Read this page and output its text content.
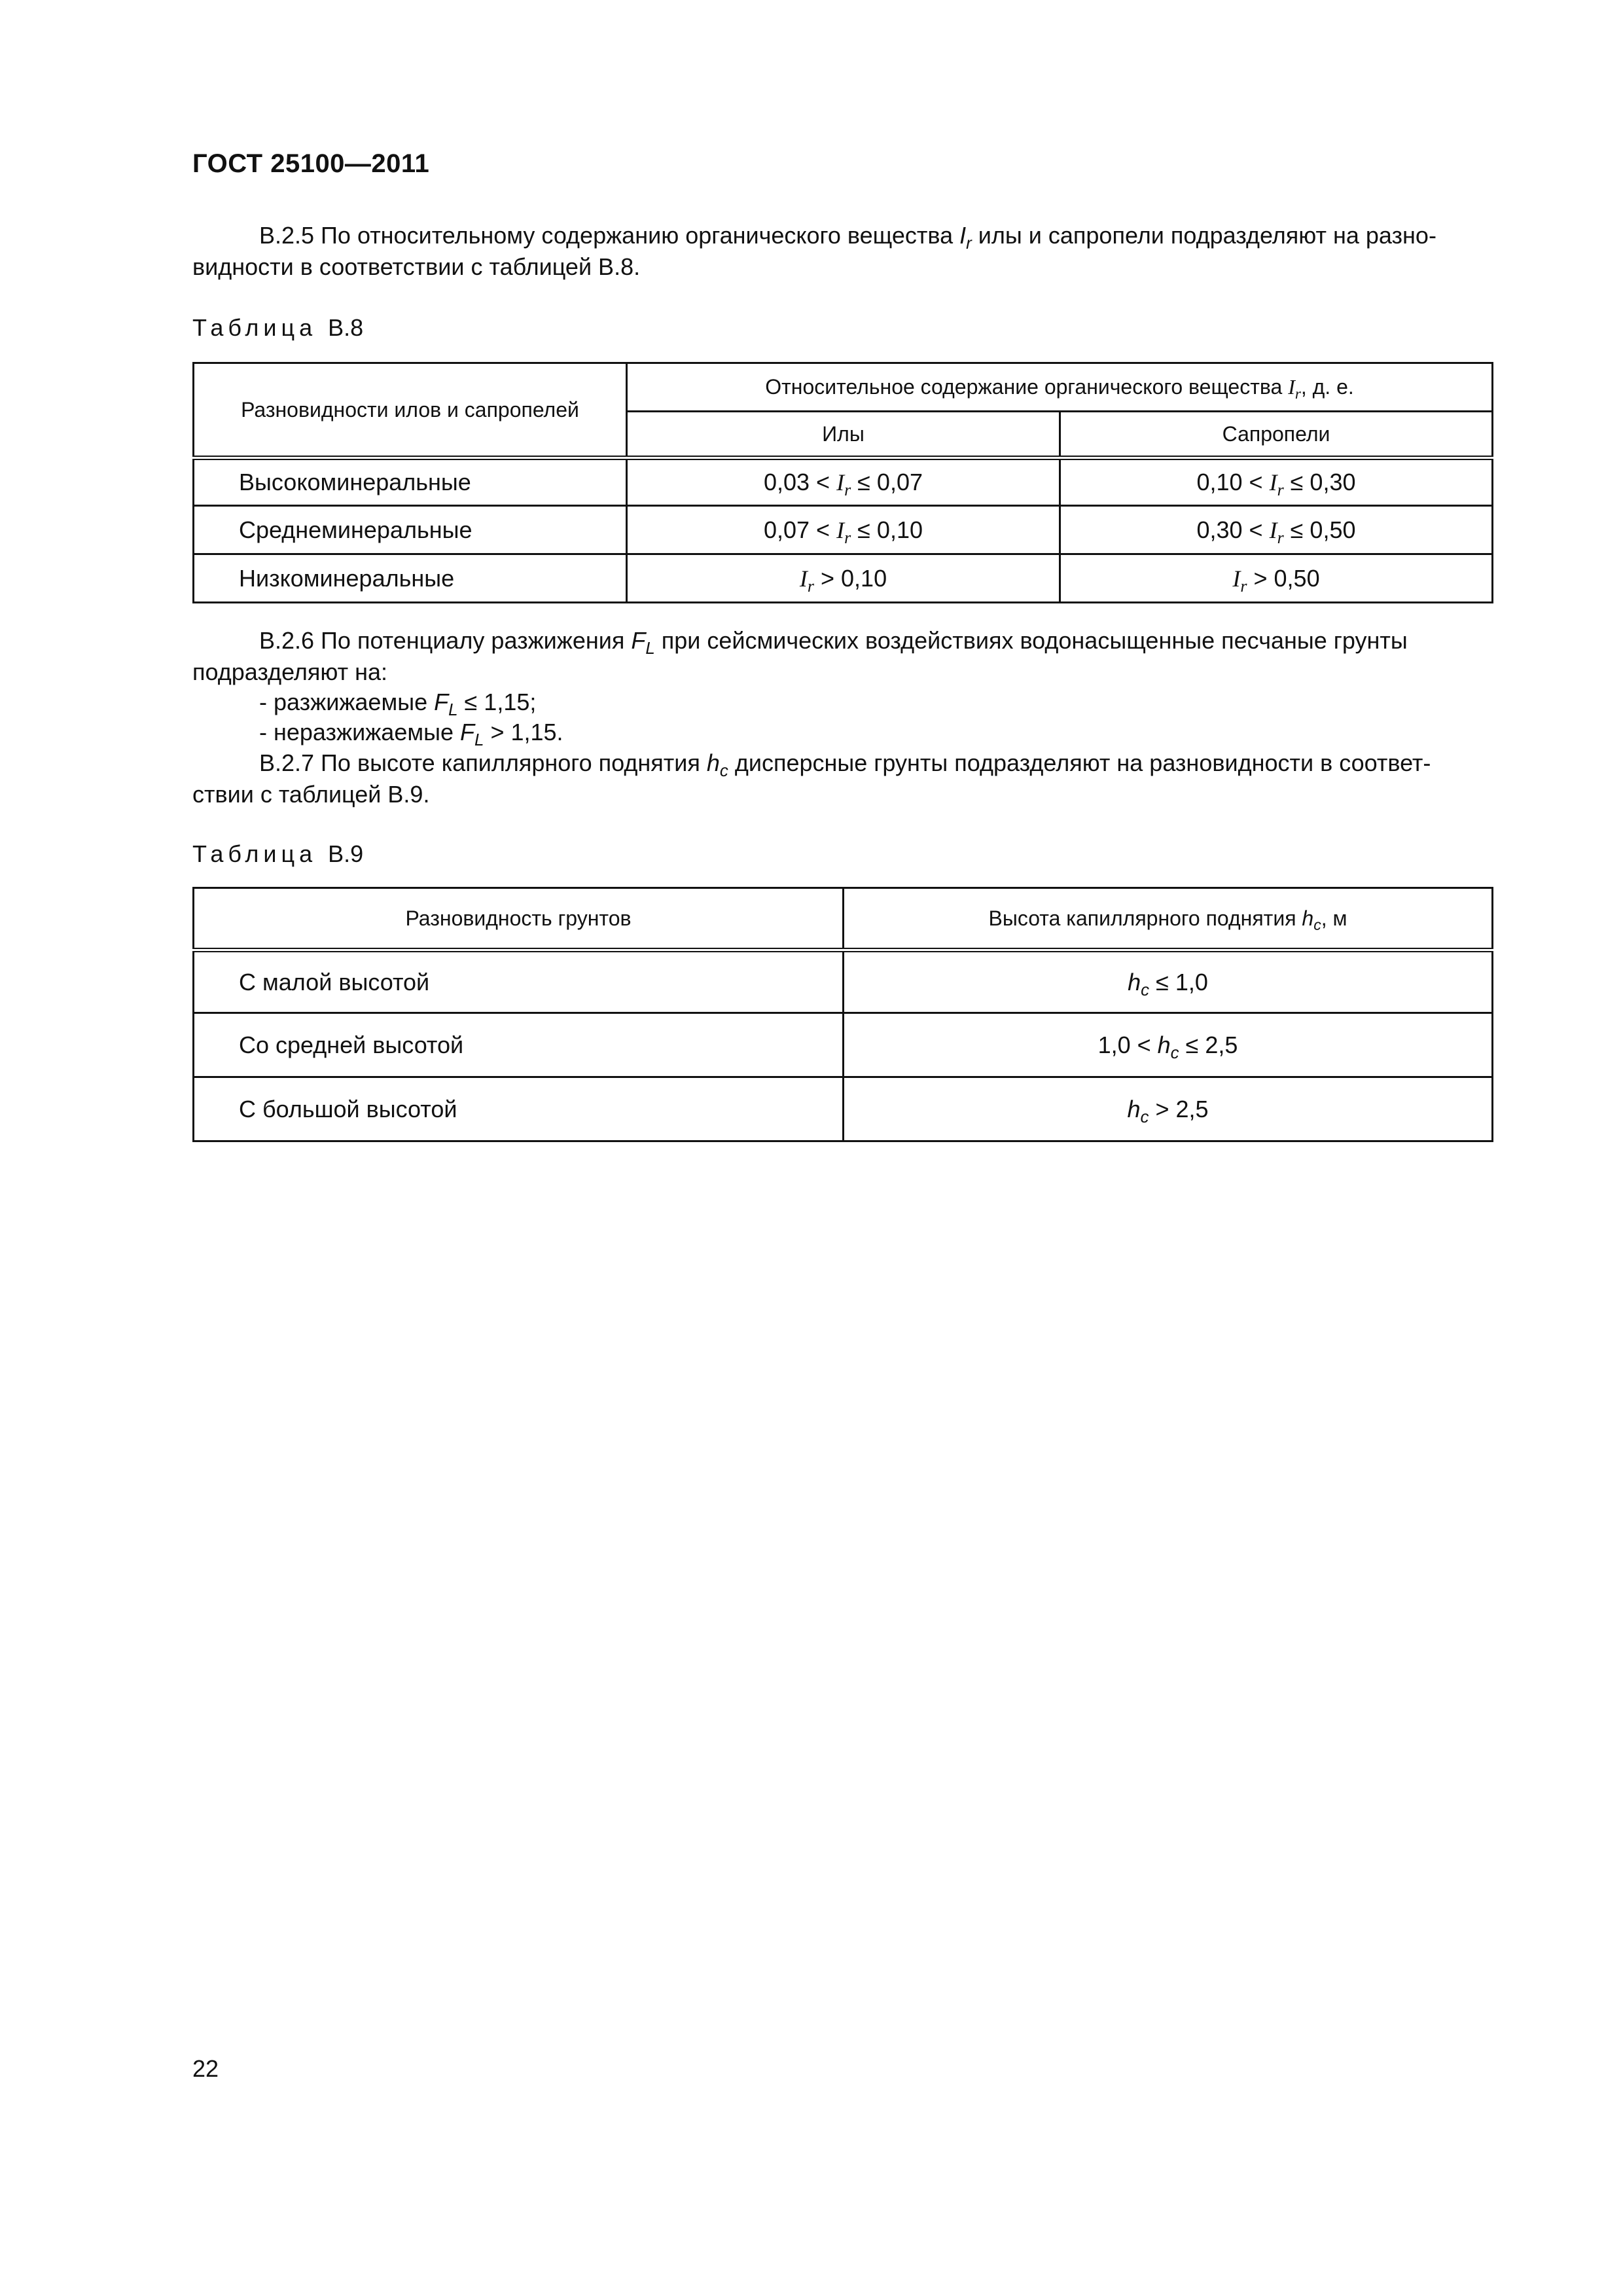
ГОСТ 25100—2011
В.2.5 По относительному содержанию органического вещества $I_r$ илы и сапропели подразделяют на разно-
видности в соответствии с таблицей В.8.
Таблица В.8
Разновидности илов и сапропелей	Относительное содержание органического вещества $I_r$, д. е.	
	Илы	Сапропели
Высокоминеральные	$0,03 < I_r \le 0,07$	$0,10 < I_r \le 0,30$
Среднеминеральные	$0,07 < I_r \le 0,10$	$0,30 < I_r \le 0,50$
Низкоминеральные	$I_r > 0,10$	$I_r > 0,50$
В.2.6 По потенциалу разжижения $F_L$ при сейсмических воздействиях водонасыщенные песчаные грунты
подразделяют на:
- разжижаемые $F_L \le 1,15$;
- неразжижаемые $F_L > 1,15$.
В.2.7 По высоте капиллярного поднятия $h_c$ дисперсные грунты подразделяют на разновидности в соответ-
ствии с таблицей В.9.
Таблица В.9
Разновидность грунтов	Высота капиллярного поднятия $h_c$, м
С малой высотой	$h_c \le 1,0$
Со средней высотой	$1,0 < h_c \le 2,5$
С большой высотой	$h_c > 2,5$
22
